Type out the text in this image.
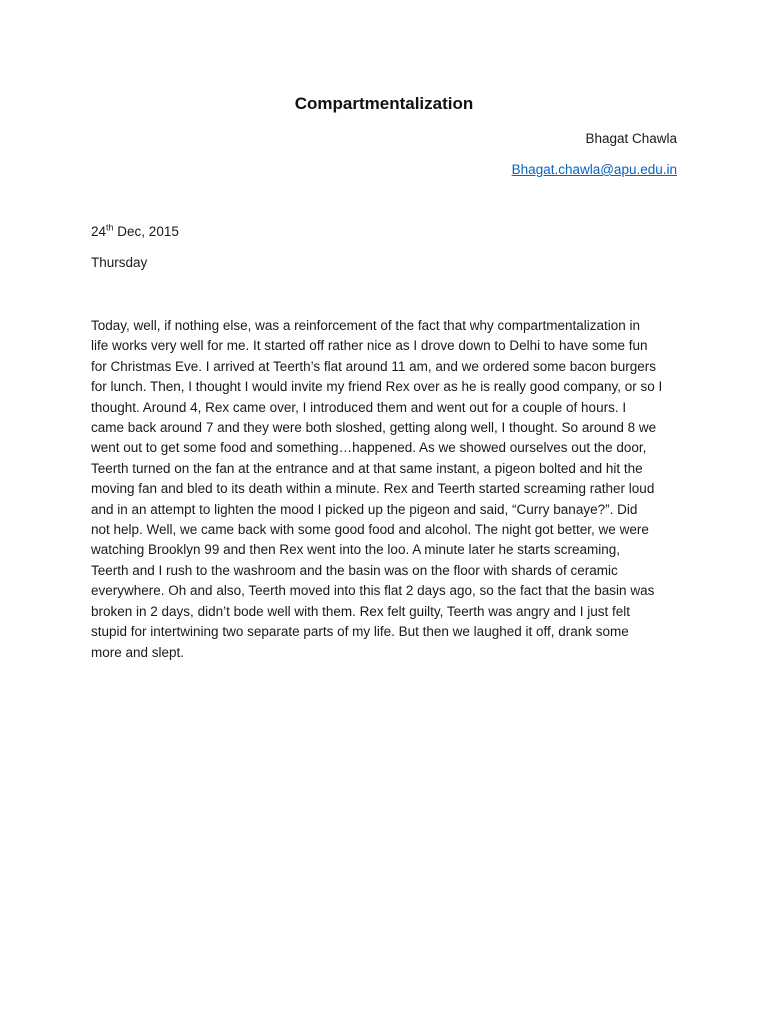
Compartmentalization
Bhagat Chawla
Bhagat.chawla@apu.edu.in
24th Dec, 2015
Thursday
Today, well, if nothing else, was a reinforcement of the fact that why compartmentalization in
life works very well for me. It started off rather nice as I drove down to Delhi to have some fun
for Christmas Eve. I arrived at Teerth’s flat around 11 am, and we ordered some bacon burgers
for lunch. Then, I thought I would invite my friend Rex over as he is really good company, or so I
thought. Around 4, Rex came over, I introduced them and went out for a couple of hours. I
came back around 7 and they were both sloshed, getting along well, I thought. So around 8 we
went out to get some food and something…happened. As we showed ourselves out the door,
Teerth turned on the fan at the entrance and at that same instant, a pigeon bolted and hit the
moving fan and bled to its death within a minute. Rex and Teerth started screaming rather loud
and in an attempt to lighten the mood I picked up the pigeon and said, “Curry banaye?”. Did
not help. Well, we came back with some good food and alcohol. The night got better, we were
watching Brooklyn 99 and then Rex went into the loo. A minute later he starts screaming,
Teerth and I rush to the washroom and the basin was on the floor with shards of ceramic
everywhere. Oh and also, Teerth moved into this flat 2 days ago, so the fact that the basin was
broken in 2 days, didn’t bode well with them. Rex felt guilty, Teerth was angry and I just felt
stupid for intertwining two separate parts of my life. But then we laughed it off, drank some
more and slept.
